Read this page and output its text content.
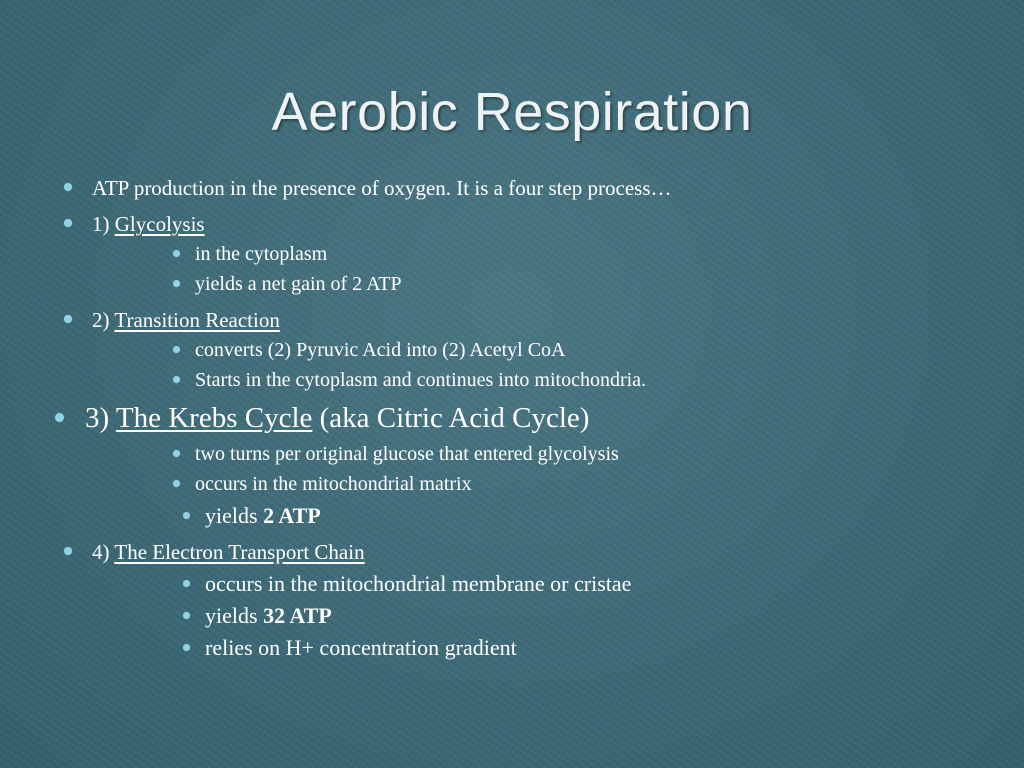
Aerobic Respiration
ATP production in the presence of oxygen. It is a four step process…
1) Glycolysis
in the cytoplasm
yields a net gain of 2 ATP
2) Transition Reaction
converts (2) Pyruvic Acid into (2) Acetyl CoA
Starts in the cytoplasm and continues into mitochondria.
3) The Krebs Cycle (aka Citric Acid Cycle)
two turns per original glucose that entered glycolysis
occurs in the mitochondrial matrix
yields 2 ATP
4) The Electron Transport Chain
occurs in the mitochondrial membrane or cristae
yields 32 ATP
relies on H+ concentration gradient
